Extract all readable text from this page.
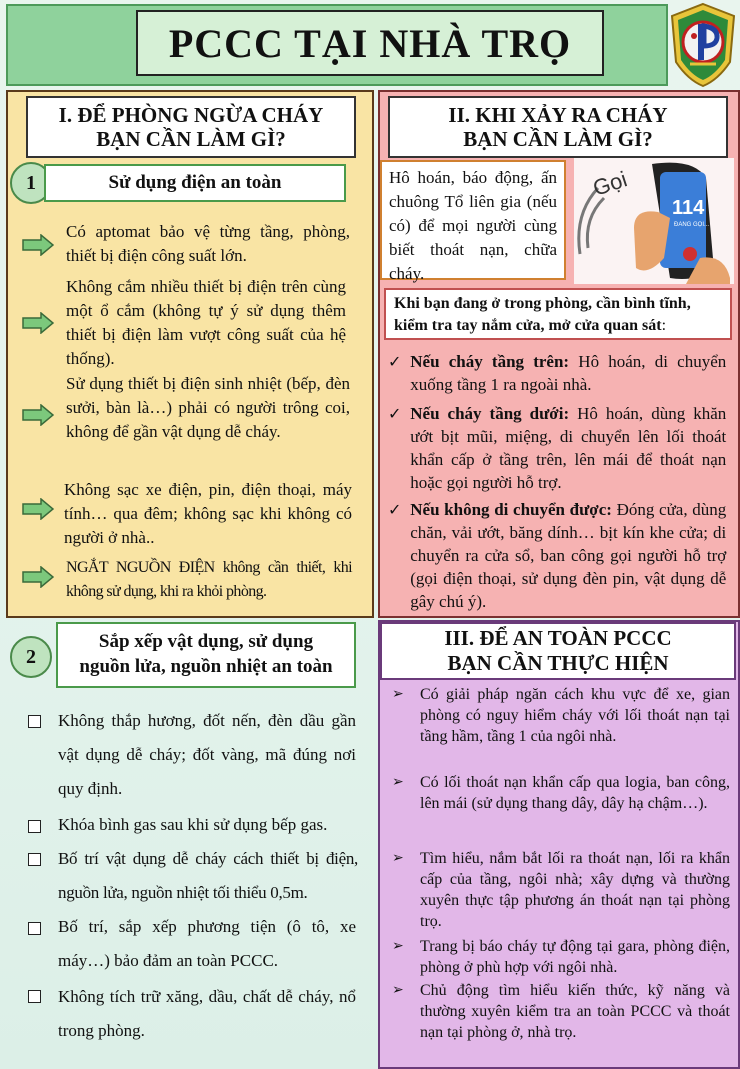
PCCC TẠI NHÀ TRỌ
I. ĐỂ PHÒNG NGỪA CHÁY
BẠN CẦN LÀM GÌ?
1	Sử dụng điện an toàn
Có aptomat bảo vệ từng tầng, phòng, thiết bị điện công suất lớn.
Không cắm nhiều thiết bị điện trên cùng một ổ cắm (không tự ý sử dụng thêm thiết bị điện làm vượt công suất của hệ thống).
Sử dụng thiết bị điện sinh nhiệt (bếp, đèn sưởi, bàn là…) phải có người trông coi, không để gần vật dụng dễ cháy.
Không sạc xe điện, pin, điện thoại, máy tính… qua đêm; không sạc khi không có người ở nhà..
NGẮT NGUỒN ĐIỆN không cần thiết, khi không sử dụng, khi ra khỏi phòng.
II. KHI XẢY RA CHÁY
BẠN CẦN LÀM GÌ?
Hô hoán, báo động, ấn chuông Tổ liên gia (nếu có) để mọi người cùng biết thoát nạn, chữa cháy.
114
ĐANG GỌI...
Gọi
Khi bạn đang ở trong phòng, cần bình tĩnh, kiểm tra tay nắm cửa, mở cửa quan sát:
✓ Nếu cháy tầng trên: Hô hoán, di chuyển xuống tầng 1 ra ngoài nhà.
✓ Nếu cháy tầng dưới: Hô hoán, dùng khăn ướt bịt mũi, miệng, di chuyển lên lối thoát khẩn cấp ở tầng trên, lên mái để thoát nạn hoặc gọi người hỗ trợ.
✓ Nếu không di chuyển được: Đóng cửa, dùng chăn, vải ướt, băng dính… bịt kín khe cửa; di chuyển ra cửa sổ, ban công gọi người hỗ trợ (gọi điện thoại, sử dụng đèn pin, vật dụng dễ gây chú ý).
2
Sắp xếp vật dụng, sử dụng
nguồn lửa, nguồn nhiệt an toàn
Không thắp hương, đốt nến, đèn dầu gần vật dụng dễ cháy; đốt vàng, mã đúng nơi quy định.
Khóa bình gas sau khi sử dụng bếp gas.
Bố trí vật dụng dễ cháy cách thiết bị điện, nguồn lửa, nguồn nhiệt tối thiểu 0,5m.
Bố trí, sắp xếp phương tiện (ô tô, xe máy…) bảo đảm an toàn PCCC.
Không tích trữ xăng, dầu, chất dễ cháy, nổ trong phòng.
III. ĐỂ AN TOÀN PCCC
BẠN CẦN THỰC HIỆN
➢ Có giải pháp ngăn cách khu vực để xe, gian phòng có nguy hiểm cháy với lối thoát nạn tại tầng hầm, tầng 1 của ngôi nhà.
➢ Có lối thoát nạn khẩn cấp qua logia, ban công, lên mái (sử dụng thang dây, dây hạ chậm…).
➢ Tìm hiểu, nắm bắt lối ra thoát nạn, lối ra khẩn cấp của tầng, ngôi nhà; xây dựng và thường xuyên thực tập phương án thoát nạn tại phòng trọ.
➢ Trang bị báo cháy tự động tại gara, phòng điện, phòng ở phù hợp với ngôi nhà.
➢ Chủ động tìm hiểu kiến thức, kỹ năng và thường xuyên kiểm tra an toàn PCCC và thoát nạn tại phòng ở, nhà trọ.
